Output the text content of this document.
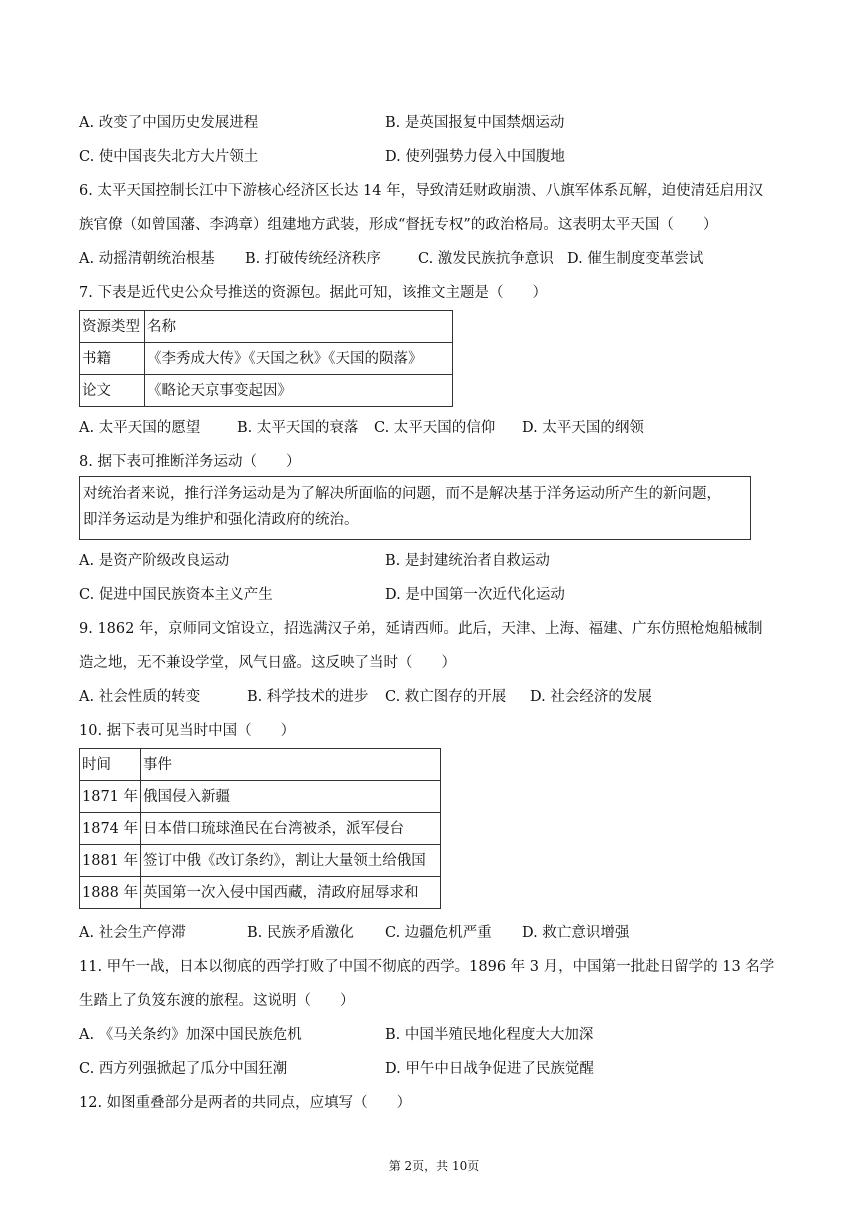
A. 改变了中国历史发展进程	B. 是英国报复中国禁烟运动
C. 使中国丧失北方大片领土	D. 使列强势力侵入中国腹地
6. 太平天国控制长江中下游核心经济区长达 14 年，导致清廷财政崩溃、八旗军体系瓦解，迫使清廷启用汉
族官僚（如曾国藩、李鸿章）组建地方武装，形成“督抚专权”的政治格局。这表明太平天国（　　）
A. 动摇清朝统治根基 B. 打破传统经济秩序	C. 激发民族抗争意识 D. 催生制度变革尝试
7. 下表是近代史公众号推送的资源包。据此可知，该推文主题是（　　）
资源类型	名称
书籍	《李秀成大传》《天国之秋》《天国的陨落》
论文	《略论天京事变起因》
A. 太平天国的愿望	B. 太平天国的衰落 C. 太平天国的信仰 D. 太平天国的纲领
8. 据下表可推断洋务运动（　　）
对统治者来说，推行洋务运动是为了解决所面临的问题，而不是解决基于洋务运动所产生的新问题，
即洋务运动是为维护和强化清政府的统治。
A. 是资产阶级改良运动	B. 是封建统治者自救运动
C. 促进中国民族资本主义产生	D. 是中国第一次近代化运动
9. 1862 年，京师同文馆设立，招选满汉子弟，延请西师。此后，天津、上海、福建、广东仿照枪炮船械制
造之地，无不兼设学堂，风气日盛。这反映了当时（　　）
A. 社会性质的转变	B. 科学技术的进步 C. 救亡图存的开展 D. 社会经济的发展
10. 据下表可见当时中国（　　）
时间	事件
1871 年	俄国侵入新疆
1874 年	日本借口琉球渔民在台湾被杀，派军侵台
1881 年	签订中俄《改订条约》，割让大量领土给俄国
1888 年	英国第一次入侵中国西藏，清政府屈辱求和
A. 社会生产停滞	B. 民族矛盾激化 C. 边疆危机严重 D. 救亡意识增强
11. 甲午一战，日本以彻底的西学打败了中国不彻底的西学。1896 年 3 月，中国第一批赴日留学的 13 名学
生踏上了负笈东渡的旅程。这说明（　　）
A. 《马关条约》加深中国民族危机	B. 中国半殖民地化程度大大加深
C. 西方列强掀起了瓜分中国狂潮	D. 甲午中日战争促进了民族觉醒
12. 如图重叠部分是两者的共同点，应填写（　　）
第 2页，共 10页
